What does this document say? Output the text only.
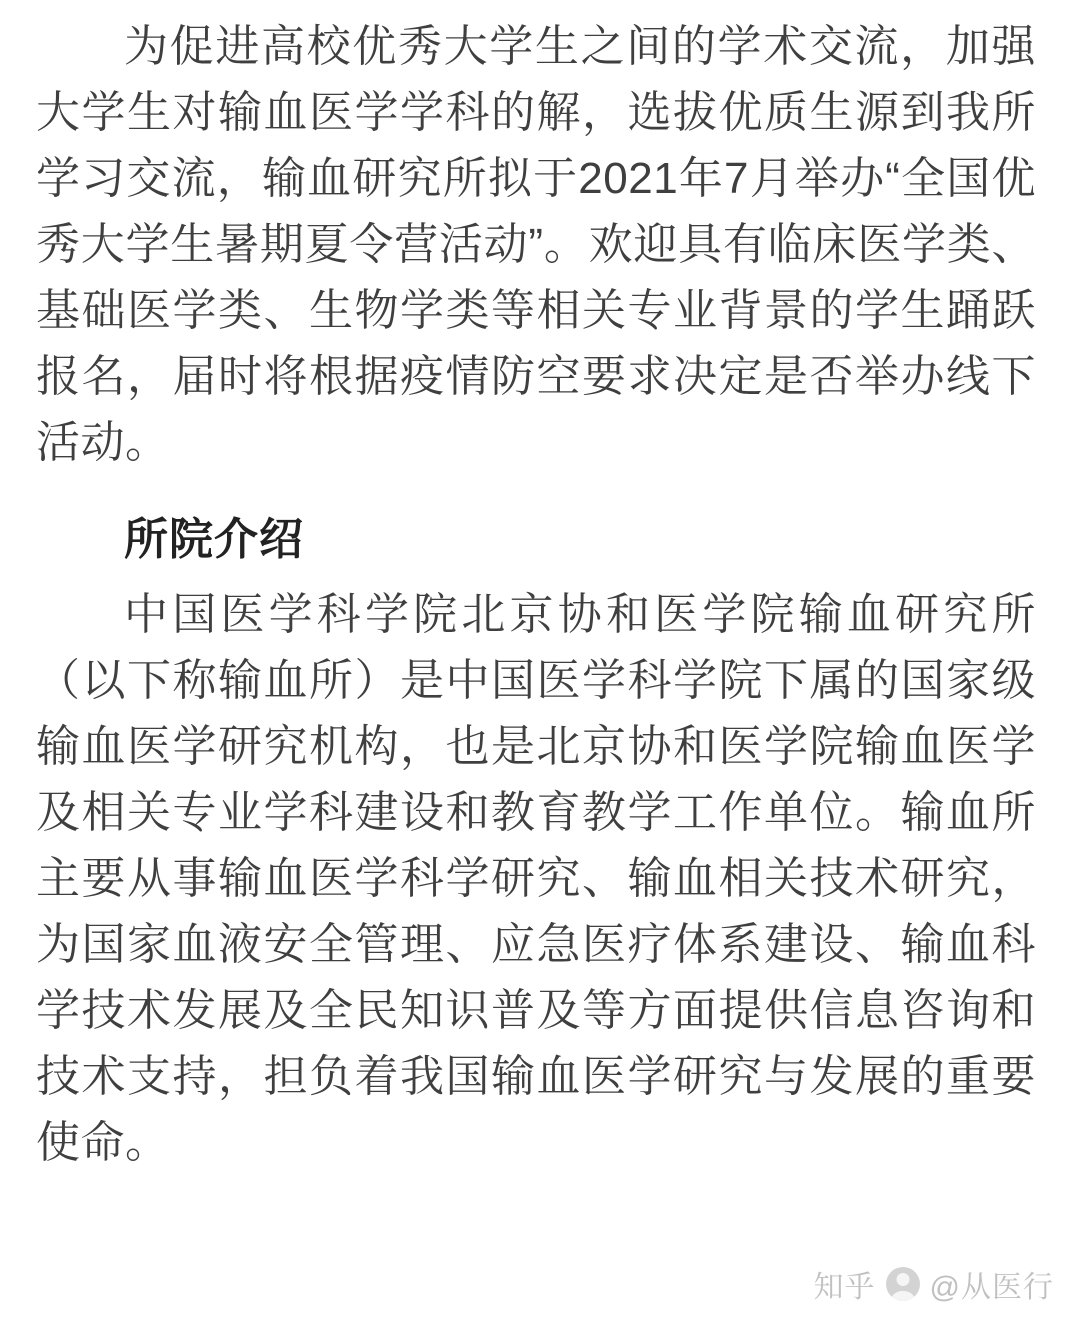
为促进高校优秀大学生之间的学术交流，加强大学生对输血医学学科的解，选拔优质生源到我所学习交流，输血研究所拟于2021年7月举办“全国优秀大学生暑期夏令营活动”。欢迎具有临床医学类、基础医学类、生物学类等相关专业背景的学生踊跃报名，届时将根据疫情防空要求决定是否举办线下活动。

所院介绍

中国医学科学院北京协和医学院输血研究所（以下称输血所）是中国医学科学院下属的国家级输血医学研究机构，也是北京协和医学院输血医学及相关专业学科建设和教育教学工作单位。输血所主要从事输血医学科学研究、输血相关技术研究，为国家血液安全管理、应急医疗体系建设、输血科学技术发展及全民知识普及等方面提供信息咨询和技术支持，担负着我国输血医学研究与发展的重要使命。

知乎 @从医行
